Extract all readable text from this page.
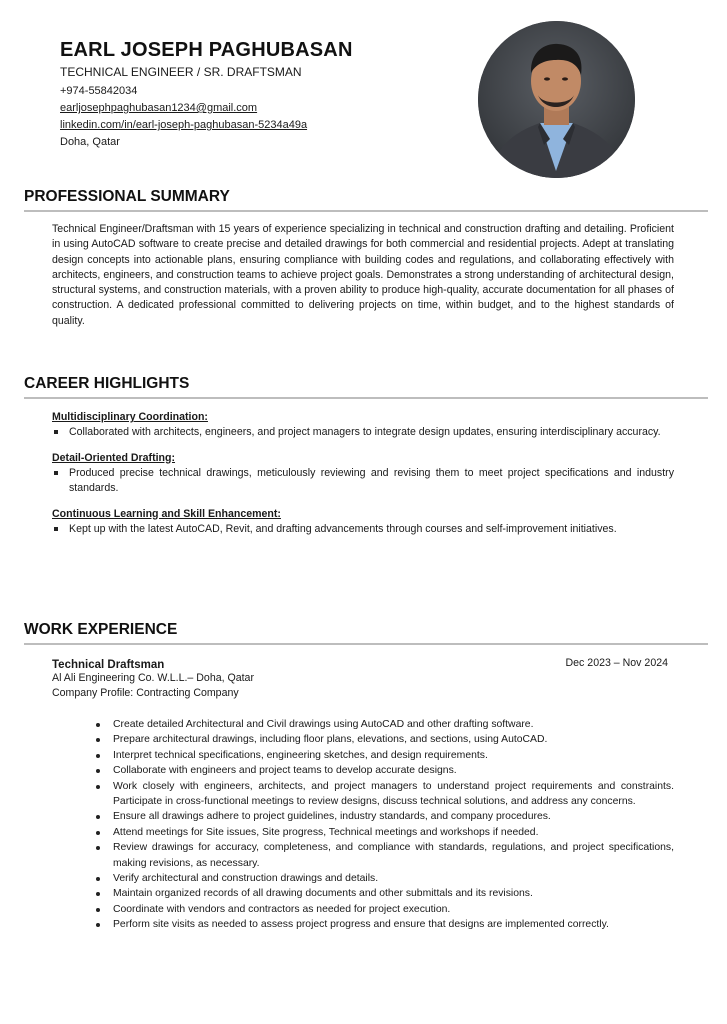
EARL JOSEPH PAGHUBASAN
TECHNICAL ENGINEER / SR. DRAFTSMAN
+974-55842034
earljosephpaghubasan1234@gmail.com
linkedin.com/in/earl-joseph-paghubasan-5234a49a
Doha, Qatar
PROFESSIONAL SUMMARY
Technical Engineer/Draftsman with 15 years of experience specializing in technical and construction drafting and detailing. Proficient in using AutoCAD software to create precise and detailed drawings for both commercial and residential projects. Adept at translating design concepts into actionable plans, ensuring compliance with building codes and regulations, and collaborating effectively with architects, engineers, and construction teams to achieve project goals. Demonstrates a strong understanding of architectural design, structural systems, and construction materials, with a proven ability to produce high-quality, accurate documentation for all phases of construction. A dedicated professional committed to delivering projects on time, within budget, and to the highest standards of quality.
CAREER HIGHLIGHTS
Multidisciplinary Coordination:
Collaborated with architects, engineers, and project managers to integrate design updates, ensuring interdisciplinary accuracy.
Detail-Oriented Drafting:
Produced precise technical drawings, meticulously reviewing and revising them to meet project specifications and industry standards.
Continuous Learning and Skill Enhancement:
Kept up with the latest AutoCAD, Revit, and drafting advancements through courses and self-improvement initiatives.
WORK EXPERIENCE
Technical Draftsman	Dec 2023 – Nov 2024
Al Ali Engineering Co. W.L.L.– Doha, Qatar
Company Profile: Contracting Company
Create detailed Architectural and Civil drawings using AutoCAD and other drafting software.
Prepare architectural drawings, including floor plans, elevations, and sections, using AutoCAD.
Interpret technical specifications, engineering sketches, and design requirements.
Collaborate with engineers and project teams to develop accurate designs.
Work closely with engineers, architects, and project managers to understand project requirements and constraints. Participate in cross-functional meetings to review designs, discuss technical solutions, and address any concerns.
Ensure all drawings adhere to project guidelines, industry standards, and company procedures.
Attend meetings for Site issues, Site progress, Technical meetings and workshops if needed.
Review drawings for accuracy, completeness, and compliance with standards, regulations, and project specifications, making revisions, as necessary.
Verify architectural and construction drawings and details.
Maintain organized records of all drawing documents and other submittals and its revisions.
Coordinate with vendors and contractors as needed for project execution.
Perform site visits as needed to assess project progress and ensure that designs are implemented correctly.
